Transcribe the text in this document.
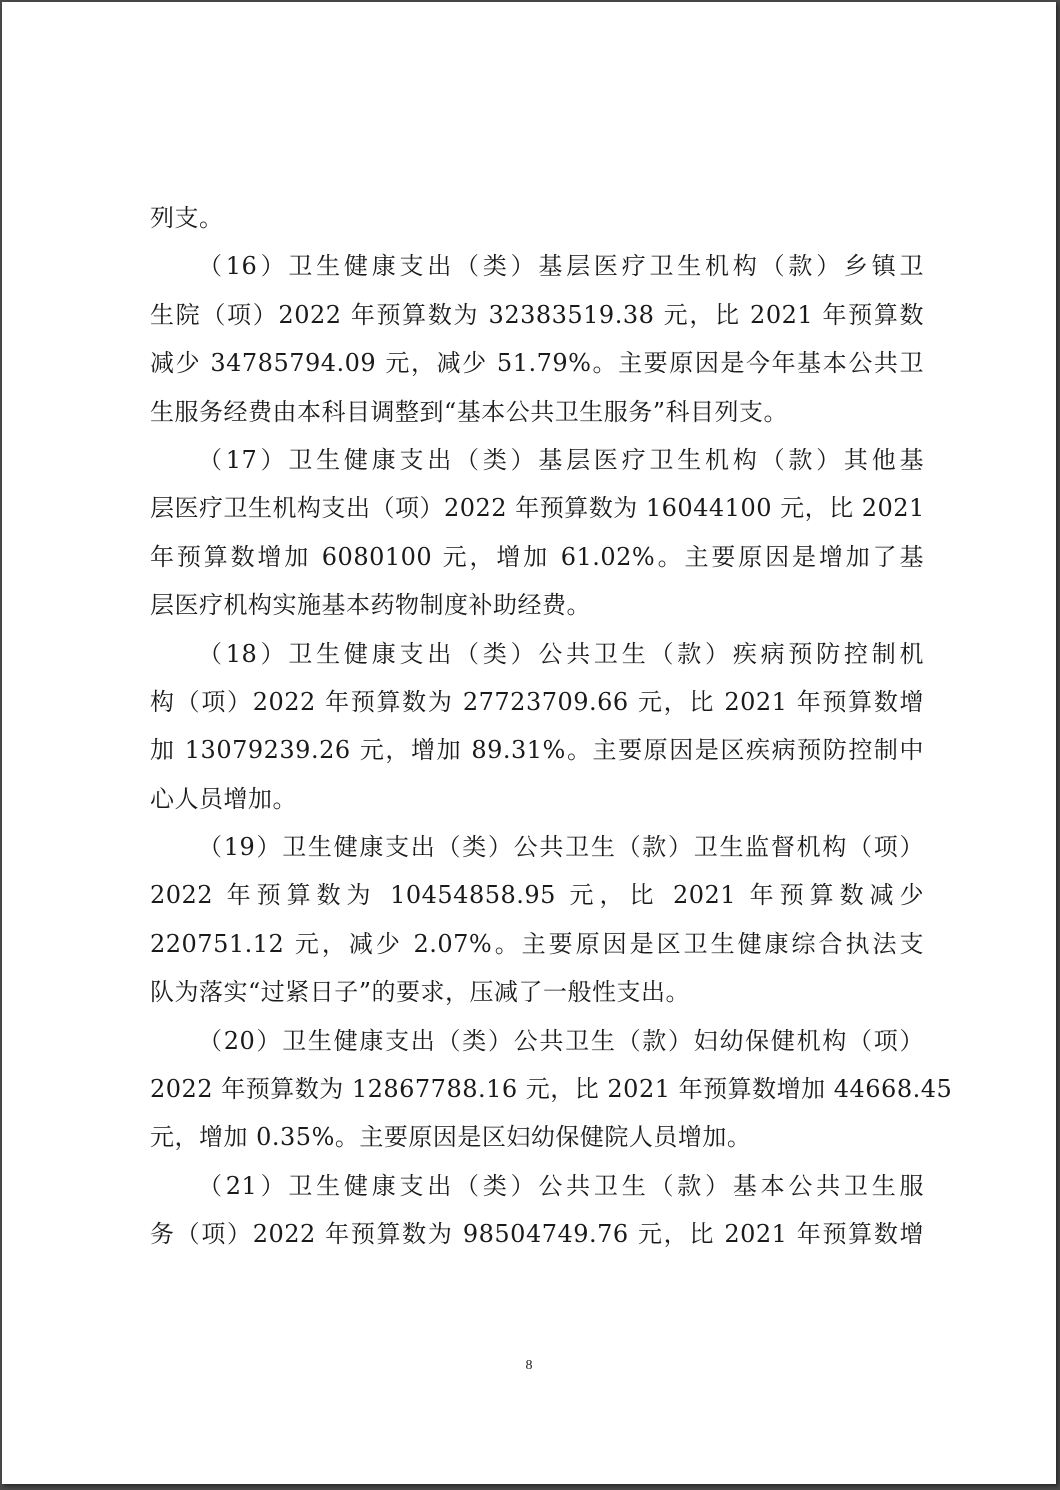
列支。
（16）卫生健康支出（类）基层医疗卫生机构（款）乡镇卫
生院（项）2022 年预算数为 32383519.38 元，比 2021 年预算数
减少 34785794.09 元，减少 51.79%。主要原因是今年基本公共卫
生服务经费由本科目调整到“基本公共卫生服务”科目列支。
（17）卫生健康支出（类）基层医疗卫生机构（款）其他基
层医疗卫生机构支出（项）2022 年预算数为 16044100 元，比 2021
年预算数增加 6080100 元，增加 61.02%。主要原因是增加了基
层医疗机构实施基本药物制度补助经费。
（18）卫生健康支出（类）公共卫生（款）疾病预防控制机
构（项）2022 年预算数为 27723709.66 元，比 2021 年预算数增
加 13079239.26 元，增加 89.31%。主要原因是区疾病预防控制中
心人员增加。
（19）卫生健康支出（类）公共卫生（款）卫生监督机构（项）
2022 年预算数为 10454858.95 元，比 2021 年预算数减少
220751.12 元，减少 2.07%。主要原因是区卫生健康综合执法支
队为落实“过紧日子”的要求，压减了一般性支出。
（20）卫生健康支出（类）公共卫生（款）妇幼保健机构（项）
2022 年预算数为 12867788.16 元，比 2021 年预算数增加 44668.45
元，增加 0.35%。主要原因是区妇幼保健院人员增加。
（21）卫生健康支出（类）公共卫生（款）基本公共卫生服
务（项）2022 年预算数为 98504749.76 元，比 2021 年预算数增
8
